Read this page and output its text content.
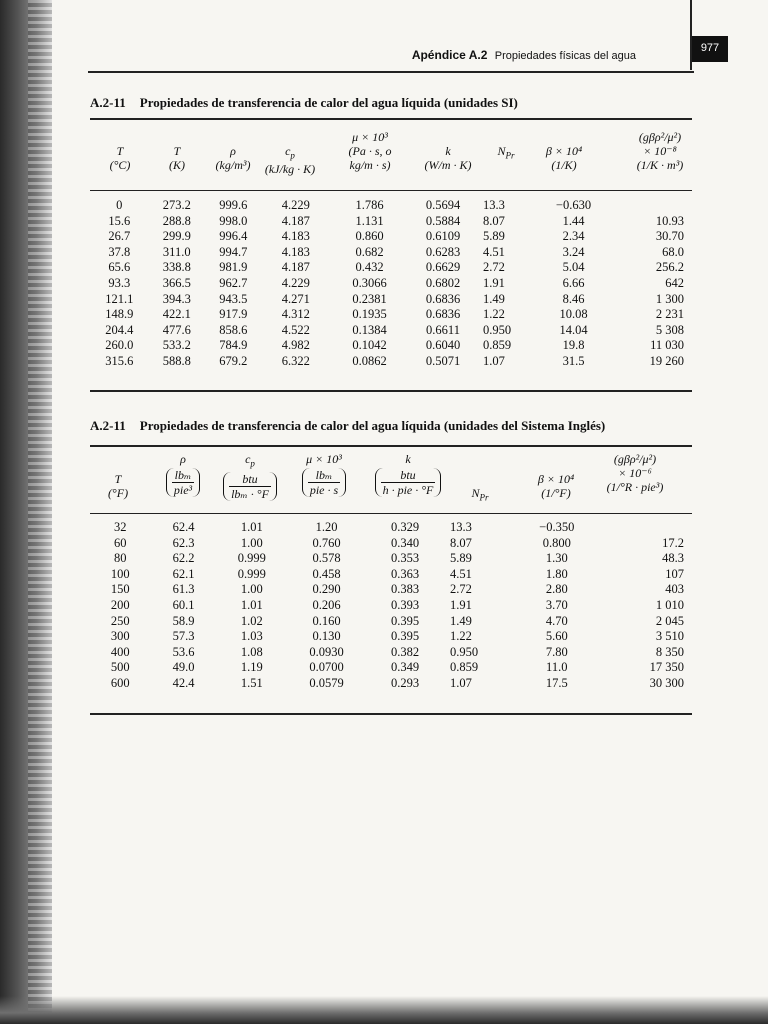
Apéndice A.2 Propiedades físicas del agua
977
A.2-11 Propiedades de transferencia de calor del agua líquida (unidades SI)
T
(°C)
T
(K)
ρ
(kg/m³)
$c_p$
(kJ/kg · K)
μ × 10³
(Pa · s, o
kg/m · s)
k
(W/m · K)
$N_{Pr}$	β × 10⁴
(1/K)
(gβρ²/μ²)
× 10⁻⁸
(1/K · m³)
0	273.2	999.6	4.229	1.786	0.5694	13.3	−0.630	
15.6	288.8	998.0	4.187	1.131	0.5884	8.07	1.44	10.93
26.7	299.9	996.4	4.183	0.860	0.6109	5.89	2.34	30.70
37.8	311.0	994.7	4.183	0.682	0.6283	4.51	3.24	68.0
65.6	338.8	981.9	4.187	0.432	0.6629	2.72	5.04	256.2
93.3	366.5	962.7	4.229	0.3066	0.6802	1.91	6.66	642
121.1	394.3	943.5	4.271	0.2381	0.6836	1.49	8.46	1 300
148.9	422.1	917.9	4.312	0.1935	0.6836	1.22	10.08	2 231
204.4	477.6	858.6	4.522	0.1384	0.6611	0.950	14.04	5 308
260.0	533.2	784.9	4.982	0.1042	0.6040	0.859	19.8	11 030
315.6	588.8	679.2	6.322	0.0862	0.5071	1.07	31.5	19 260
A.2-11 Propiedades de transferencia de calor del agua líquida (unidades del Sistema Inglés)
T
(°F)
ρ
$\frac{\text{lbₘ}}{\text{pie³}}$
$c_p$
$\frac{\text{btu}}{\text{lbₘ · °F}}$
μ × 10³
$\frac{\text{lbₘ}}{\text{pie · s}}$
k
$\frac{\text{btu}}{\text{h · pie · °F}}$	$N_{Pr}$
β × 10⁴
(1/°F)
(gβρ²/μ²)
× 10⁻⁶
(1/°R · pie³)
32	62.4	1.01	1.20	0.329	13.3	−0.350	
60	62.3	1.00	0.760	0.340	8.07	0.800	17.2
80	62.2	0.999	0.578	0.353	5.89	1.30	48.3
100	62.1	0.999	0.458	0.363	4.51	1.80	107
150	61.3	1.00	0.290	0.383	2.72	2.80	403
200	60.1	1.01	0.206	0.393	1.91	3.70	1 010
250	58.9	1.02	0.160	0.395	1.49	4.70	2 045
300	57.3	1.03	0.130	0.395	1.22	5.60	3 510
400	53.6	1.08	0.0930	0.382	0.950	7.80	8 350
500	49.0	1.19	0.0700	0.349	0.859	11.0	17 350
600	42.4	1.51	0.0579	0.293	1.07	17.5	30 300
